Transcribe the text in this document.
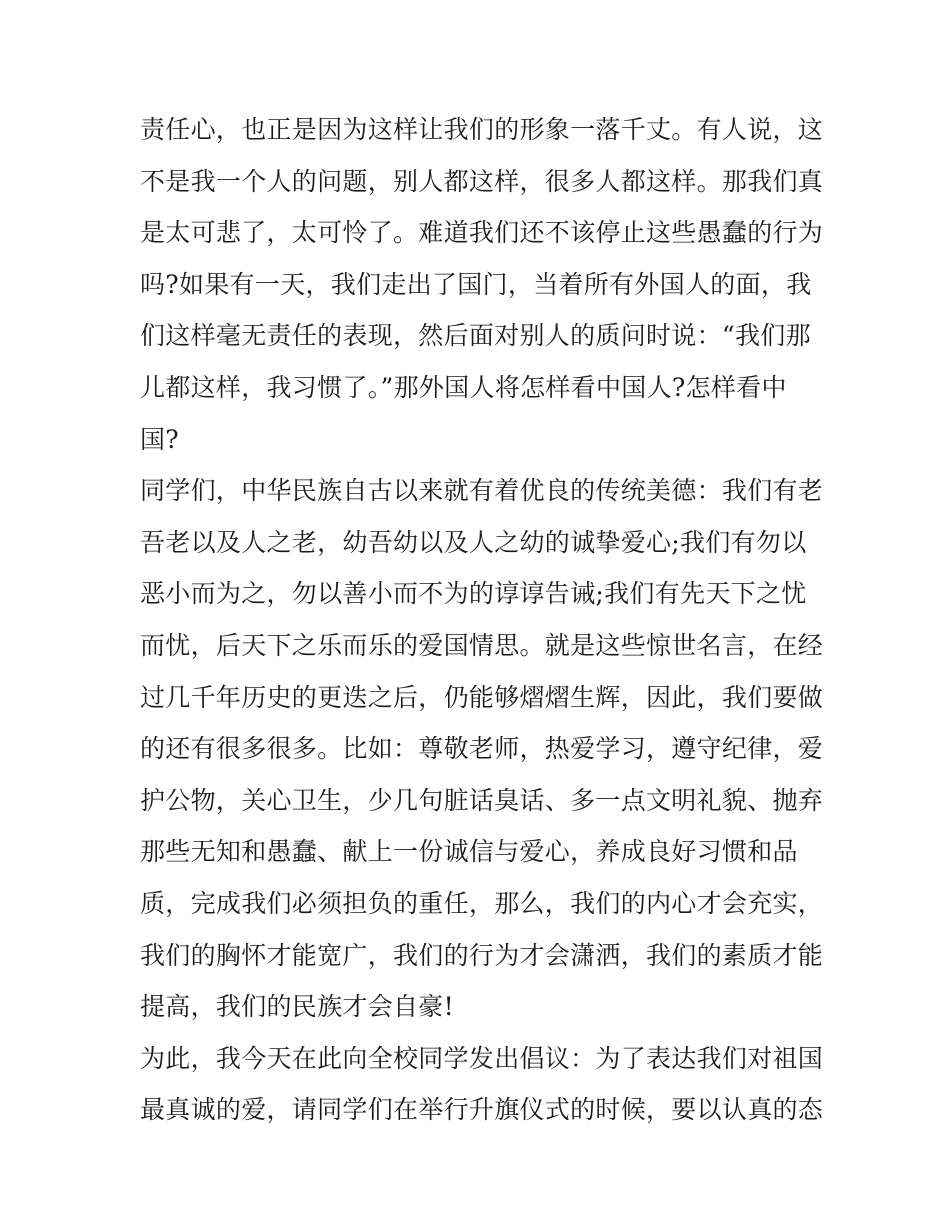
责任心，也正是因为这样让我们的形象一落千丈。有人说，这
不是我一个人的问题，别人都这样，很多人都这样。那我们真
是太可悲了，太可怜了。难道我们还不该停止这些愚蠢的行为
吗?如果有一天，我们走出了国门，当着所有外国人的面，我
们这样毫无责任的表现，然后面对别人的质问时说：“我们那
儿都这样，我习惯了。”那外国人将怎样看中国人?怎样看中
国?
同学们，中华民族自古以来就有着优良的传统美德：我们有老
吾老以及人之老，幼吾幼以及人之幼的诚挚爱心;我们有勿以
恶小而为之，勿以善小而不为的谆谆告诫;我们有先天下之忧
而忧，后天下之乐而乐的爱国情思。就是这些惊世名言，在经
过几千年历史的更迭之后，仍能够熠熠生辉，因此，我们要做
的还有很多很多。比如：尊敬老师，热爱学习，遵守纪律，爱
护公物，关心卫生，少几句脏话臭话、多一点文明礼貌、抛弃
那些无知和愚蠢、献上一份诚信与爱心，养成良好习惯和品
质，完成我们必须担负的重任，那么，我们的内心才会充实，
我们的胸怀才能宽广，我们的行为才会潇洒，我们的素质才能
提高，我们的民族才会自豪!
为此，我今天在此向全校同学发出倡议：为了表达我们对祖国
最真诚的爱，请同学们在举行升旗仪式的时候，要以认真的态
